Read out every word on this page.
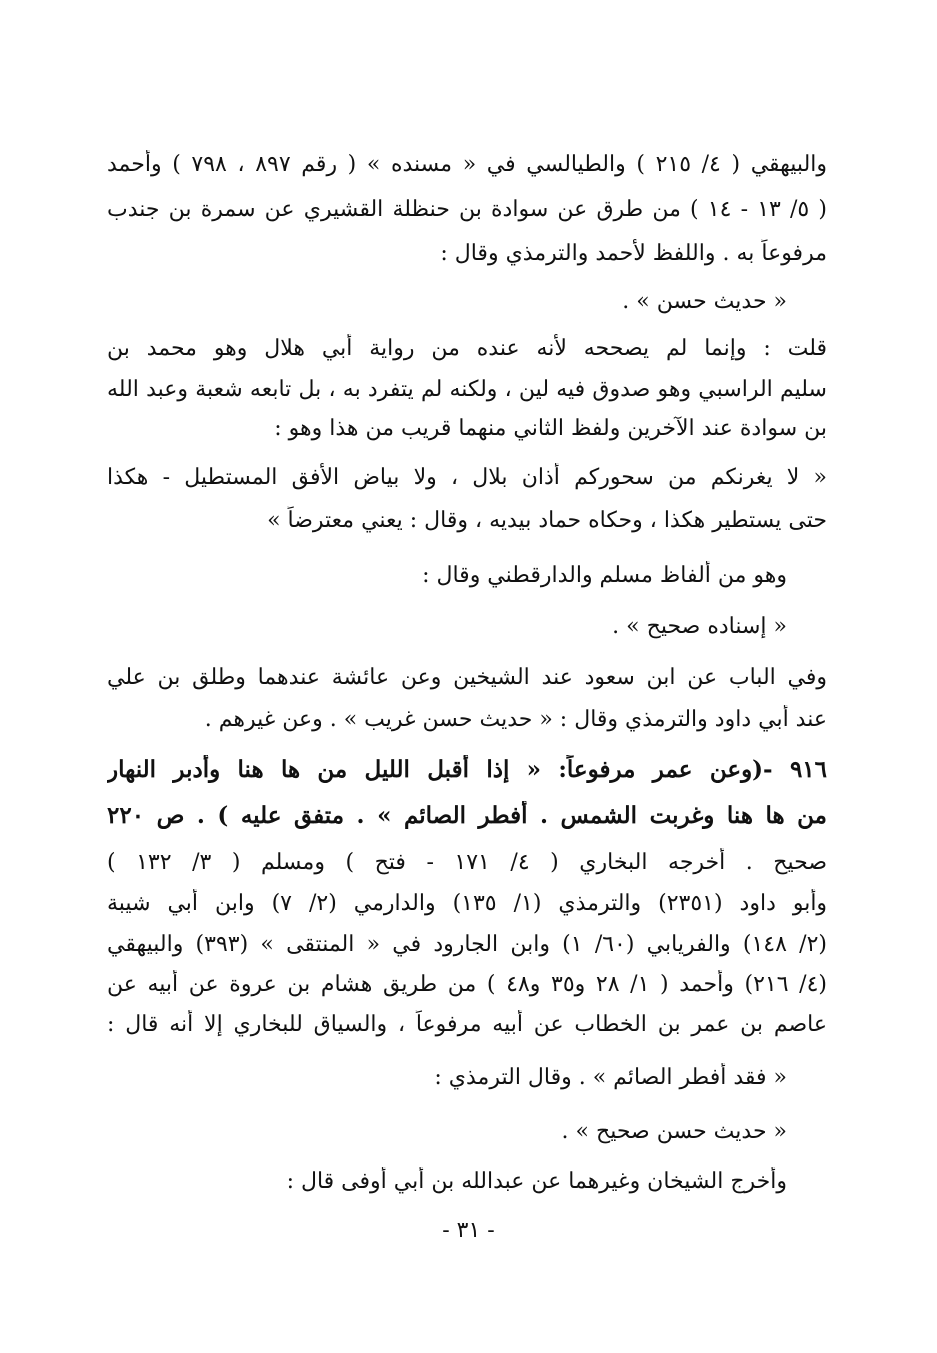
والبيهقي ( ٤/ ٢١٥ ) والطيالسي في « مسنده » ( رقم ٨٩٧ ، ٧٩٨ ) وأحمد
( ٥/ ١٣ - ١٤ ) من طرق عن سوادة بن حنظلة القشيري عن سمرة بن جندب
مرفوعاً به . واللفظ لأحمد والترمذي وقال :
« حديث حسن » .
قلت : وإنما لم يصححه لأنه عنده من رواية أبي هلال وهو محمد بن
سليم الراسبي وهو صدوق فيه لين ، ولكنه لم يتفرد به ، بل تابعه شعبة وعبد الله
بن سوادة عند الآخرين ولفظ الثاني منهما قريب من هذا وهو :
« لا يغرنكم من سحوركم أذان بلال ، ولا بياض الأفق المستطيل - هكذا
حتى يستطير هكذا ، وحكاه حماد بيديه ، وقال : يعني معترضاً »
وهو من ألفاظ مسلم والدارقطني وقال :
« إسناده صحيح » .
وفي الباب عن ابن سعود عند الشيخين وعن عائشة عندهما وطلق بن علي
عند أبي داود والترمذي وقال : « حديث حسن غريب » . وعن غيرهم .
٩١٦ -(وعن عمر مرفوعاً: « إذا أقبل الليل من ها هنا وأدبر النهار
من ها هنا وغربت الشمس . أفطر الصائم » . متفق عليه ) . ص ٢٢٠
صحيح . أخرجه البخاري ( ٤/ ١٧١ - فتح ) ومسلم ( ٣/ ١٣٢ )
وأبو داود (٢٣٥١) والترمذي (١/ ١٣٥) والدارمي (٢/ ٧) وابن أبي شيبة
(٢/ ١٤٨) والفريابي (٦٠/ ١) وابن الجارود في « المنتقى » (٣٩٣) والبيهقي
(٤/ ٢١٦) وأحمد ( ١/ ٢٨ و٣٥ و٤٨ ) من طريق هشام بن عروة عن أبيه عن
عاصم بن عمر بن الخطاب عن أبيه مرفوعاً ، والسياق للبخاري إلا أنه قال :
« فقد أفطر الصائم » . وقال الترمذي :
« حديث حسن صحيح » .
وأخرج الشيخان وغيرهما عن عبدالله بن أبي أوفى قال :
- ٣١ -
